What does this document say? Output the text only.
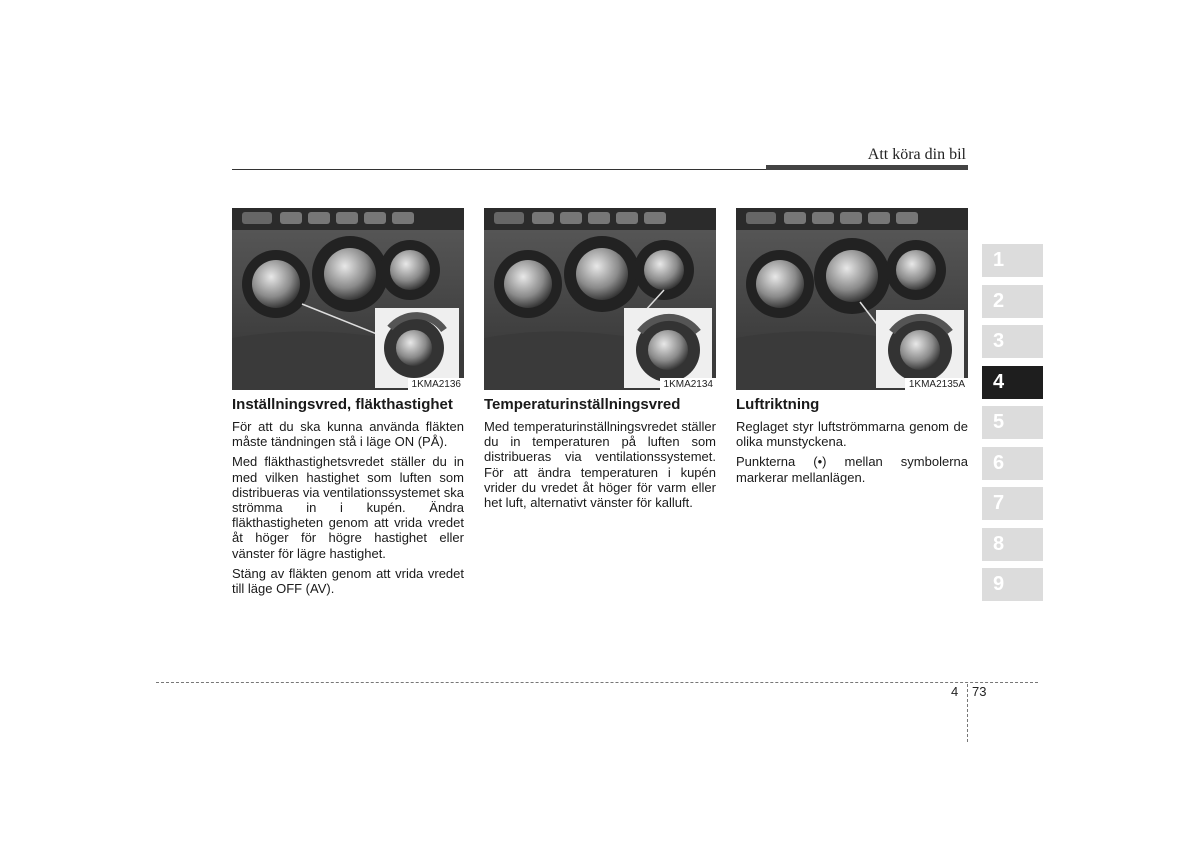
Att köra din bil
1KMA2136
Inställningsvred, fläkthastighet

För att du ska kunna använda fläkten måste tändningen stå i läge ON (PÅ).

Med fläkthastighetsvredet ställer du in med vilken hastighet som luften som distribueras via ventilationssystemet ska strömma in i kupén. Ändra fläkthastigheten genom att vrida vredet åt höger för högre hastighet eller vänster för lägre hastighet.

Stäng av fläkten genom att vrida vredet till läge OFF (AV).

1KMA2134
Temperaturinställningsvred

Med temperaturinställningsvredet ställer du in temperaturen på luften som distribueras via ventilationssystemet. För att ändra temperaturen i kupén vrider du vredet åt höger för varm eller het luft, alternativt vänster för kalluft.

1KMA2135A
Luftriktning

Reglaget styr luftströmmarna genom de olika munstyckena.

Punkterna (•) mellan symbolerna markerar mellanlägen.

1
2
3
4
5
6
7
8
9
4 73
